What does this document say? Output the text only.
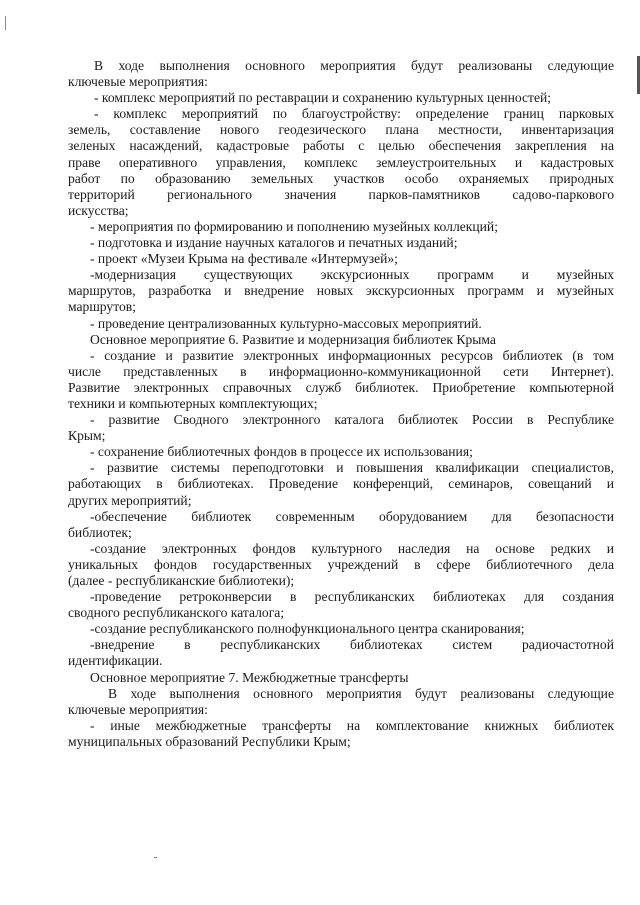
В ходе выполнения основного мероприятия будут реализованы следующие
ключевые мероприятия:
- комплекс мероприятий по реставрации и сохранению культурных ценностей;
- комплекс мероприятий по благоустройству: определение границ парковых
земель, составление нового геодезического плана местности, инвентаризация
зеленых насаждений, кадастровые работы с целью обеспечения закрепления на
праве оперативного управления, комплекс землеустроительных и кадастровых
работ по образованию земельных участков особо охраняемых природных
территорий регионального значения парков-памятников садово-паркового
искусства;
- мероприятия по формированию и пополнению музейных коллекций;
- подготовка и издание научных каталогов и печатных изданий;
- проект «Музеи Крыма на фестивале «Интермузей»;
-модернизация существующих экскурсионных программ и музейных
маршрутов, разработка и внедрение новых экскурсионных программ и музейных
маршрутов;
- проведение централизованных культурно-массовых мероприятий.
Основное мероприятие 6. Развитие и модернизация библиотек Крыма
- создание и развитие электронных информационных ресурсов библиотек (в том
числе представленных в информационно-коммуникационной сети Интернет).
Развитие электронных справочных служб библиотек. Приобретение компьютерной
техники и компьютерных комплектующих;
- развитие Сводного электронного каталога библиотек России в Республике
Крым;
- сохранение библиотечных фондов в процессе их использования;
- развитие системы переподготовки и повышения квалификации специалистов,
работающих в библиотеках. Проведение конференций, семинаров, совещаний и
других мероприятий;
-обеспечение библиотек современным оборудованием для безопасности
библиотек;
-создание электронных фондов культурного наследия на основе редких и
уникальных фондов государственных учреждений в сфере библиотечного дела
(далее - республиканские библиотеки);
-проведение ретроконверсии в республиканских библиотеках для создания
сводного республиканского каталога;
-создание республиканского полнофункционального центра сканирования;
-внедрение в республиканских библиотеках систем радиочастотной
идентификации.
Основное мероприятие 7. Межбюджетные трансферты
В ходе выполнения основного мероприятия будут реализованы следующие
ключевые мероприятия:
- иные межбюджетные трансферты на комплектование книжных библиотек
муниципальных образований Республики Крым;
